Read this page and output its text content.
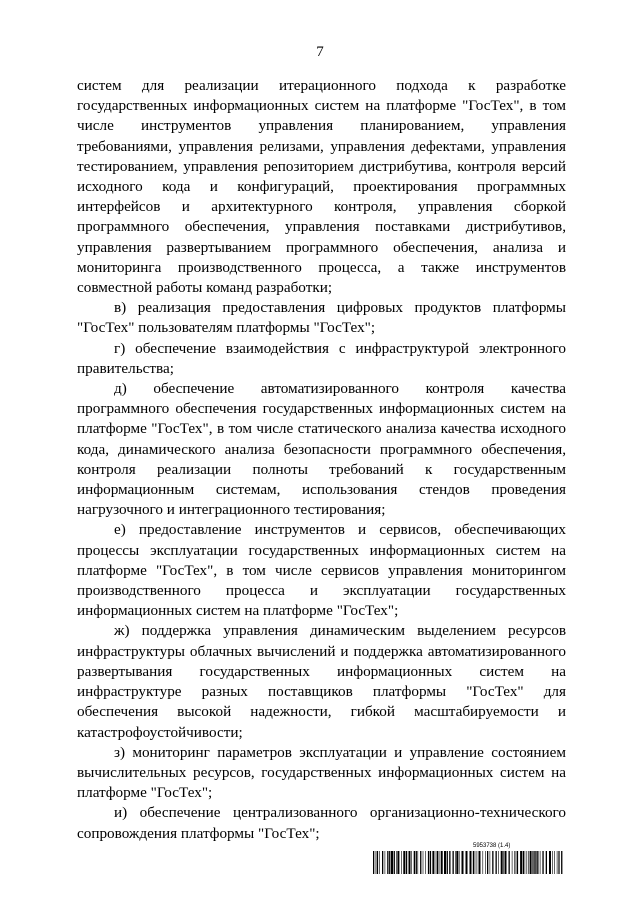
7

систем для реализации итерационного подхода к разработке государственных информационных систем на платформе "ГосТех", в том числе инструментов управления планированием, управления требованиями, управления релизами, управления дефектами, управления тестированием, управления репозиторием дистрибутива, контроля версий исходного кода и конфигураций, проектирования программных интерфейсов и архитектурного контроля, управления сборкой программного обеспечения, управления поставками дистрибутивов, управления развертыванием программного обеспечения, анализа и мониторинга производственного процесса, а также инструментов совместной работы команд разработки;

в) реализация предоставления цифровых продуктов платформы "ГосТех" пользователям платформы "ГосТех";

г) обеспечение взаимодействия с инфраструктурой электронного правительства;

д) обеспечение автоматизированного контроля качества программного обеспечения государственных информационных систем на платформе "ГосТех", в том числе статического анализа качества исходного кода, динамического анализа безопасности программного обеспечения, контроля реализации полноты требований к государственным информационным системам, использования стендов проведения нагрузочного и интеграционного тестирования;

е) предоставление инструментов и сервисов, обеспечивающих процессы эксплуатации государственных информационных систем на платформе "ГосТех", в том числе сервисов управления мониторингом производственного процесса и эксплуатации государственных информационных систем на платформе "ГосТех";

ж) поддержка управления динамическим выделением ресурсов инфраструктуры облачных вычислений и поддержка автоматизированного развертывания государственных информационных систем на инфраструктуре разных поставщиков платформы "ГосТех" для обеспечения высокой надежности, гибкой масштабируемости и катастрофоустойчивости;

з) мониторинг параметров эксплуатации и управление состоянием вычислительных ресурсов, государственных информационных систем на платформе "ГосТех";

и) обеспечение централизованного организационно-технического сопровождения платформы "ГосТех";

5953738 (1.4)
